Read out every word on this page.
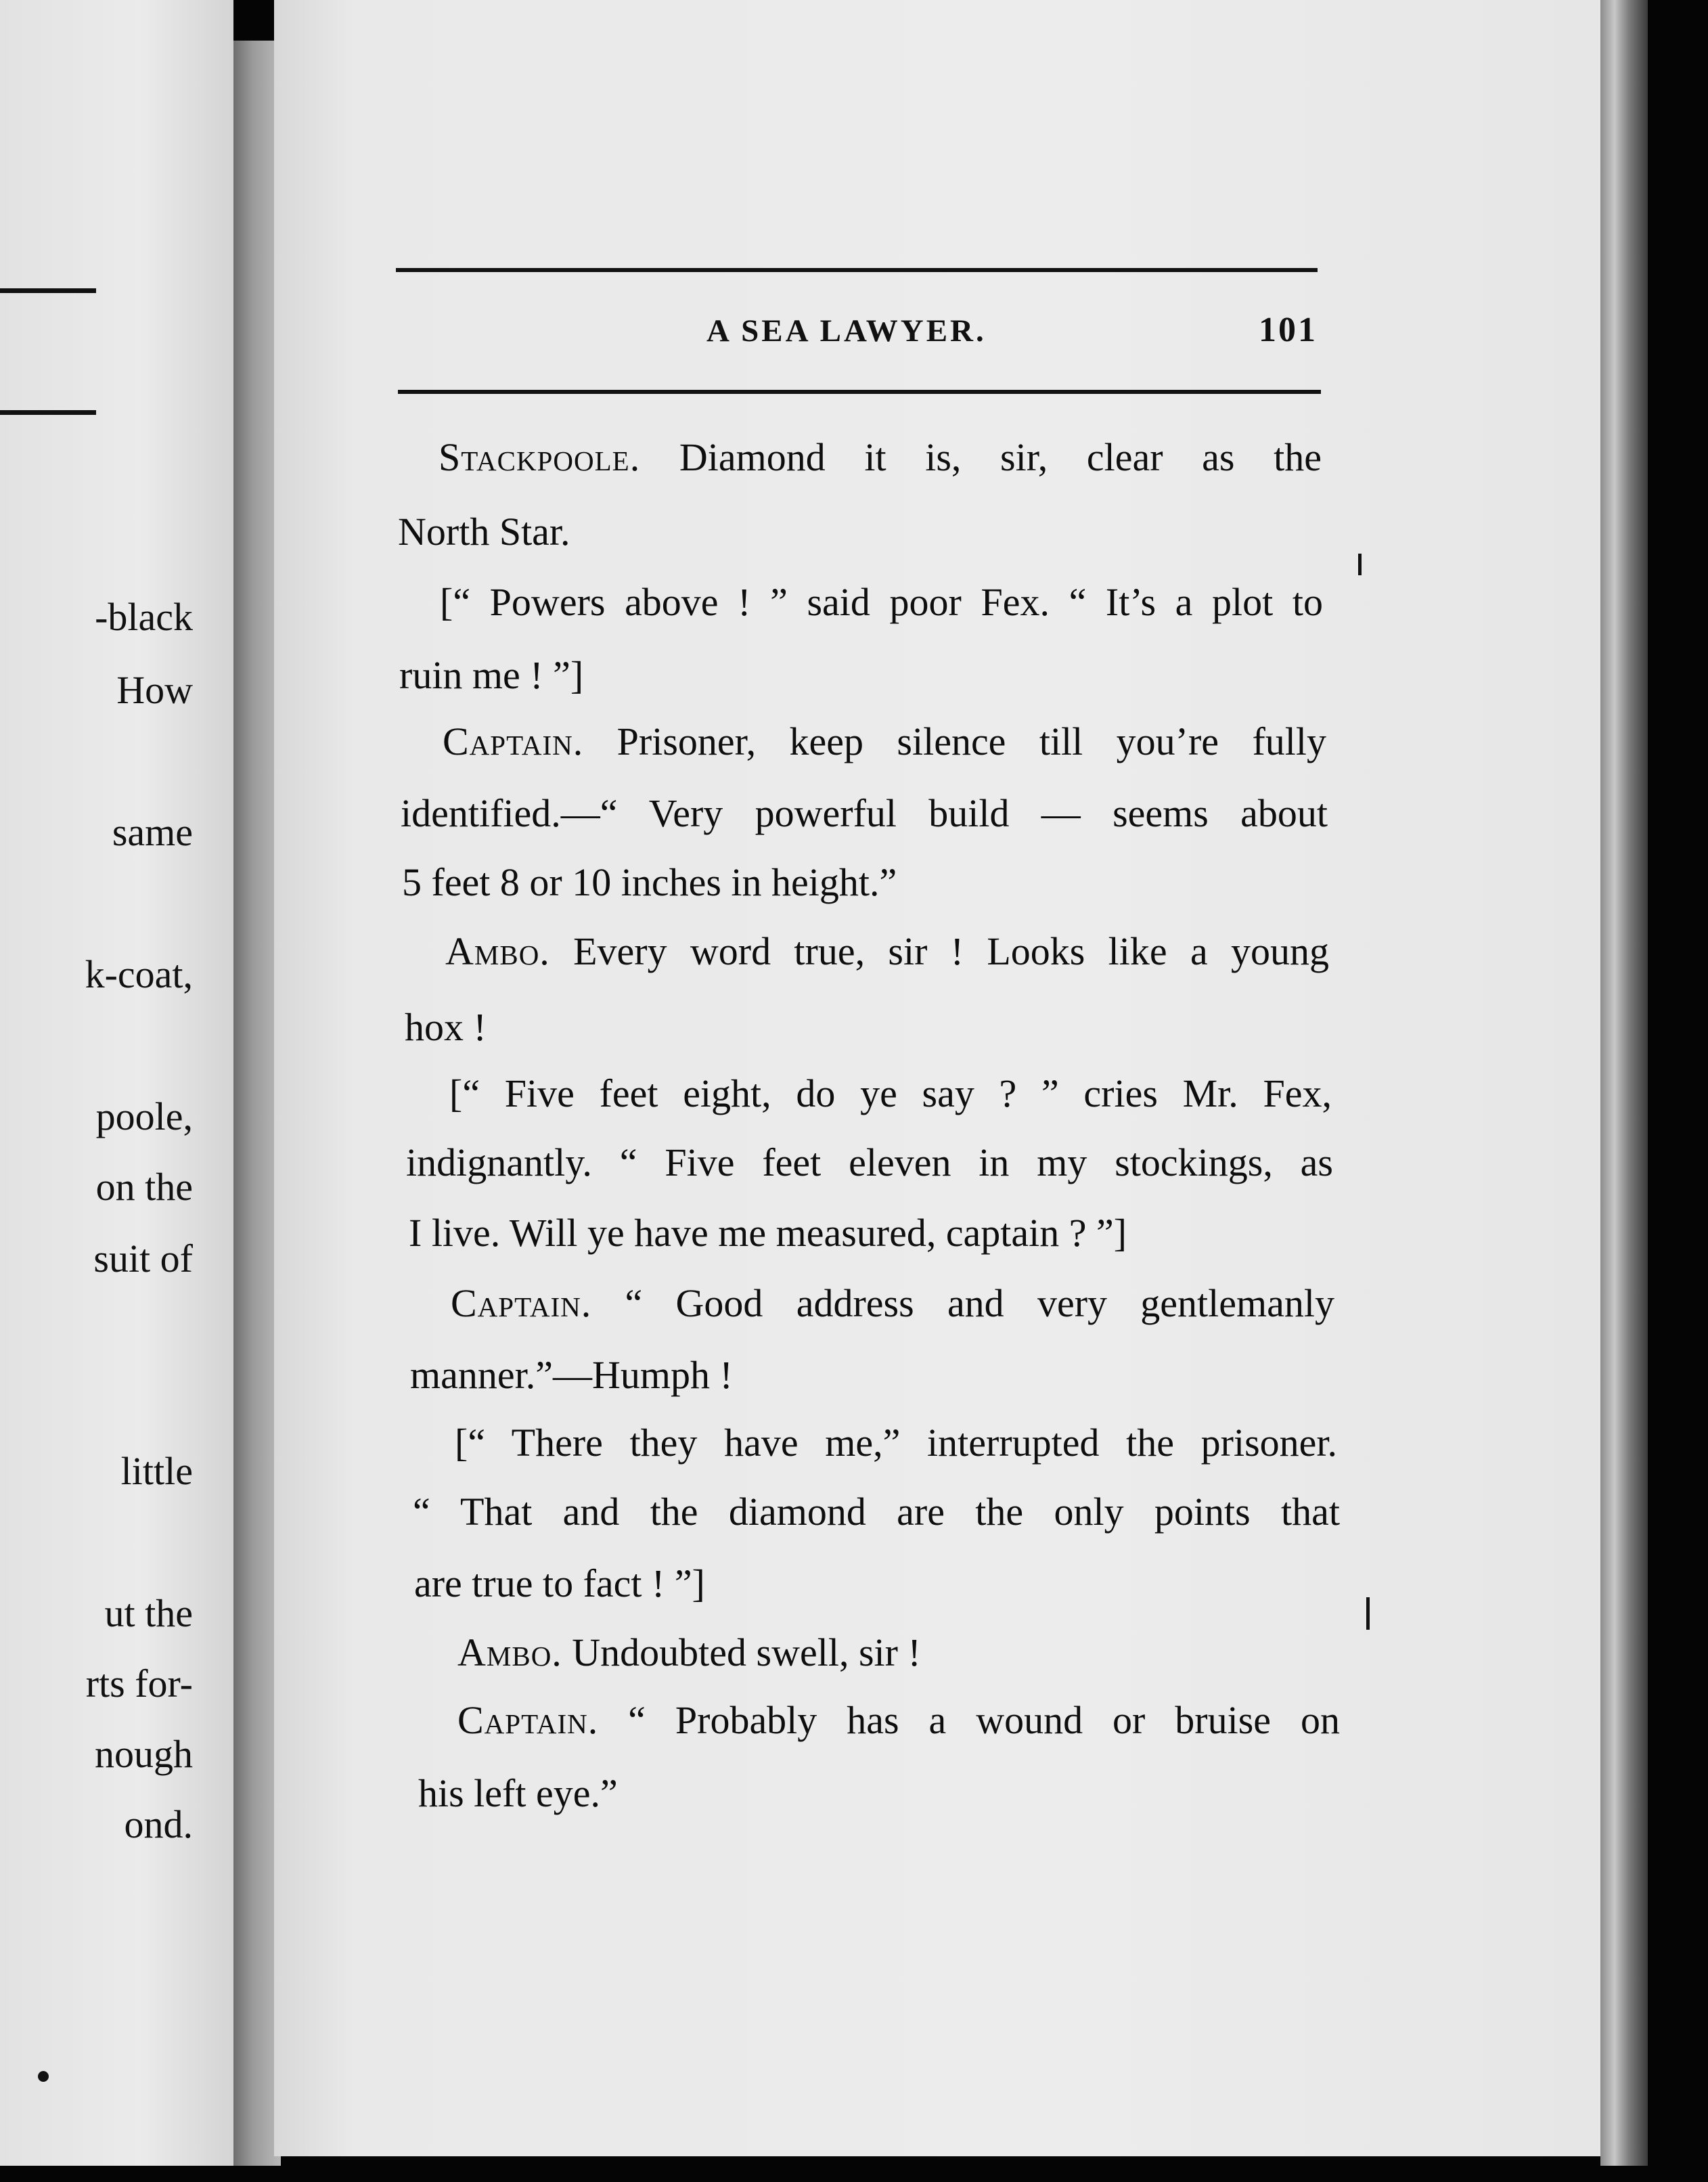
-black
How
same
k-coat,
poole,
on the
suit of
little
ut the
rts for-
nough
ond.
A SEA LAWYER.	101
Stackpoole. Diamond it is, sir, clear as the
North Star.
[“ Powers above ! ” said poor Fex. “ It’s a plot to
ruin me ! ”]
Captain. Prisoner, keep silence till you’re fully
identified.—“ Very powerful build — seems about
5 feet 8 or 10 inches in height.”
Ambo. Every word true, sir ! Looks like a young
hox !
[“ Five feet eight, do ye say ? ” cries Mr. Fex,
indignantly. “ Five feet eleven in my stockings, as
I live. Will ye have me measured, captain ? ”]
Captain. “ Good address and very gentlemanly
manner.”—Humph !
[“ There they have me,” interrupted the prisoner.
“ That and the diamond are the only points that
are true to fact ! ”]
Ambo. Undoubted swell, sir !
Captain. “ Probably has a wound or bruise on
his left eye.”
